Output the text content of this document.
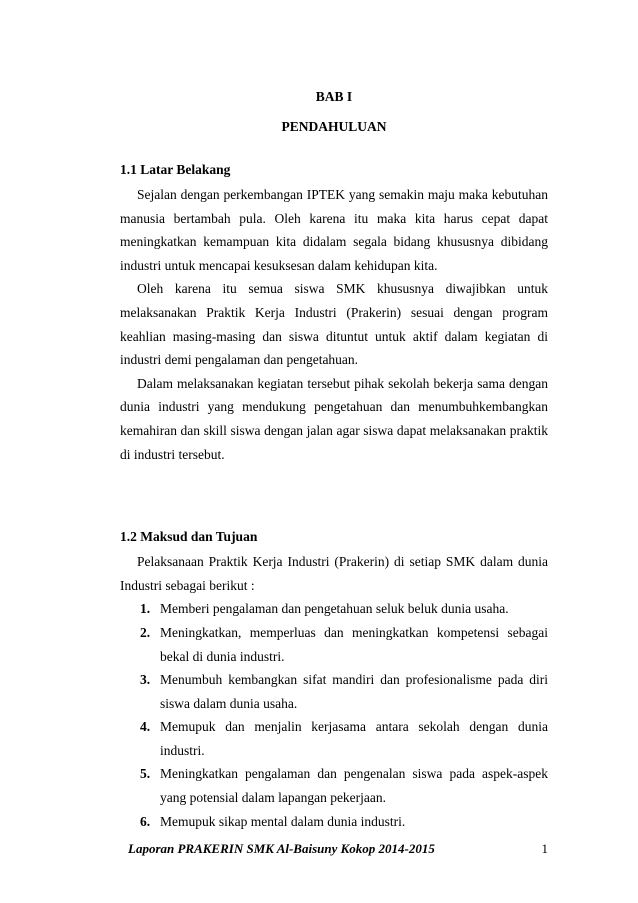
BAB I
PENDAHULUAN
1.1 Latar Belakang

Sejalan dengan perkembangan IPTEK yang semakin maju maka kebutuhan manusia bertambah pula. Oleh karena itu maka kita harus cepat dapat meningkatkan kemampuan kita didalam segala bidang khususnya dibidang industri untuk mencapai kesuksesan dalam kehidupan kita.

Oleh karena itu semua siswa SMK khususnya diwajibkan untuk melaksanakan Praktik Kerja Industri (Prakerin) sesuai dengan program keahlian masing-masing dan siswa dituntut untuk aktif dalam kegiatan di industri demi pengalaman dan pengetahuan.

Dalam melaksanakan kegiatan tersebut pihak sekolah bekerja sama dengan dunia industri yang mendukung pengetahuan dan menumbuhkembangkan kemahiran dan skill siswa dengan jalan agar siswa dapat melaksanakan praktik di industri tersebut.

1.2 Maksud dan Tujuan

Pelaksanaan Praktik Kerja Industri (Prakerin) di setiap SMK dalam dunia Industri sebagai berikut :

1. Memberi pengalaman dan pengetahuan seluk beluk dunia usaha.
2. Meningkatkan, memperluas dan meningkatkan kompetensi sebagai bekal di dunia industri.
3. Menumbuh kembangkan sifat mandiri dan profesionalisme pada diri siswa dalam dunia usaha.
4. Memupuk dan menjalin kerjasama antara sekolah dengan dunia industri.
5. Meningkatkan pengalaman dan pengenalan siswa pada aspek-aspek yang potensial dalam lapangan pekerjaan.
6. Memupuk sikap mental dalam dunia industri.
Laporan PRAKERIN SMK Al-Baisuny Kokop 2014-2015	1
